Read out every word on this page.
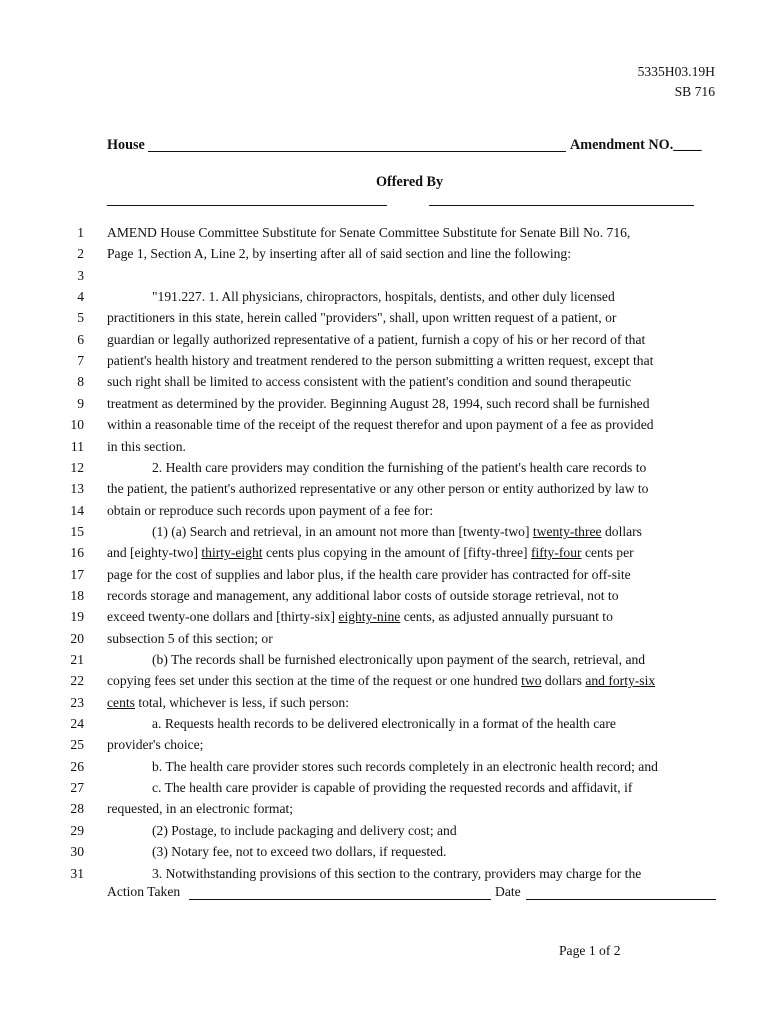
5335H03.19H
SB 716
House	Amendment NO.____
Offered By
1 AMEND House Committee Substitute for Senate Committee Substitute for Senate Bill No. 716,
2 Page 1, Section A, Line 2, by inserting after all of said section and line the following:
3
4	"191.227. 1. All physicians, chiropractors, hospitals, dentists, and other duly licensed
5 practitioners in this state, herein called "providers", shall, upon written request of a patient, or
6 guardian or legally authorized representative of a patient, furnish a copy of his or her record of that
7 patient's health history and treatment rendered to the person submitting a written request, except that
8 such right shall be limited to access consistent with the patient's condition and sound therapeutic
9 treatment as determined by the provider. Beginning August 28, 1994, such record shall be furnished
10 within a reasonable time of the receipt of the request therefor and upon payment of a fee as provided
11 in this section.
12	2. Health care providers may condition the furnishing of the patient's health care records to
13 the patient, the patient's authorized representative or any other person or entity authorized by law to
14 obtain or reproduce such records upon payment of a fee for:
15	(1) (a) Search and retrieval, in an amount not more than [twenty-two] twenty-three dollars
16 and [eighty-two] thirty-eight cents plus copying in the amount of [fifty-three] fifty-four cents per
17 page for the cost of supplies and labor plus, if the health care provider has contracted for off-site
18 records storage and management, any additional labor costs of outside storage retrieval, not to
19 exceed twenty-one dollars and [thirty-six] eighty-nine cents, as adjusted annually pursuant to
20 subsection 5 of this section; or
21	(b) The records shall be furnished electronically upon payment of the search, retrieval, and
22 copying fees set under this section at the time of the request or one hundred two dollars and forty-six
23 cents total, whichever is less, if such person:
24	a. Requests health records to be delivered electronically in a format of the health care
25 provider's choice;
26	b. The health care provider stores such records completely in an electronic health record; and
27	c. The health care provider is capable of providing the requested records and affidavit, if
28 requested, in an electronic format;
29	(2) Postage, to include packaging and delivery cost; and
30	(3) Notary fee, not to exceed two dollars, if requested.
31	3. Notwithstanding provisions of this section to the contrary, providers may charge for the
Action Taken	Date
Page 1 of 2
